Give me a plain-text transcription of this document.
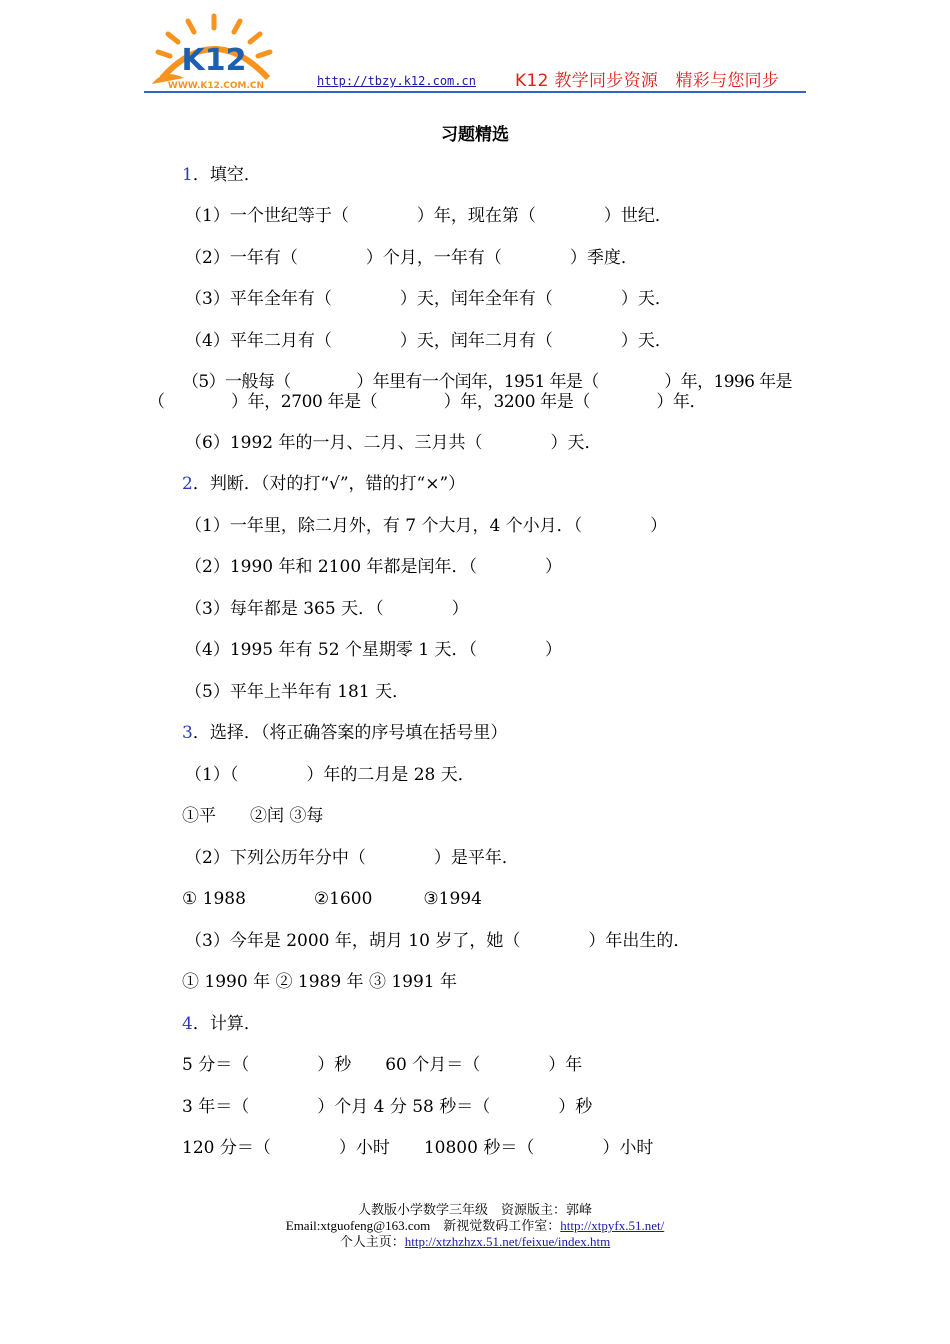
K12
WWW.K12.COM.CN	http://tbzy.k12.com.cn K12 教学同步资源　精彩与您同步
习题精选
1．填空．
（1）一个世纪等于（　　　　）年，现在第（　　　　）世纪．
（2）一年有（　　　　）个月，一年有（　　　　）季度．
（3）平年全年有（　　　　）天，闰年全年有（　　　　）天．
（4）平年二月有（　　　　）天，闰年二月有（　　　　）天．
（5）一般每（　　　　）年里有一个闰年，1951 年是（　　　　）年，1996 年是
（　　　　）年，2700 年是（　　　　）年，3200 年是（　　　　）年．
（6）1992 年的一月、二月、三月共（　　　　）天．
2．判断．（对的打“√”，错的打“×”）
（1）一年里，除二月外，有 7 个大月，4 个小月．（　　　　）
（2）1990 年和 2100 年都是闰年．（　　　　）
（3）每年都是 365 天．（　　　　）
（4）1995 年有 52 个星期零 1 天．（　　　　）
（5）平年上半年有 181 天．
3．选择．（将正确答案的序号填在括号里）
（1）（　　　　）年的二月是 28 天．
①平　　②闰 ③每
（2）下列公历年分中（　　　　）是平年．
① 1988　　　　②1600　　　③1994
（3）今年是 2000 年，胡月 10 岁了，她（　　　　）年出生的．
① 1990 年 ② 1989 年 ③ 1991 年
4．计算．
5 分＝（　　　　）秒　　60 个月＝（　　　　）年
3 年＝（　　　　）个月 4 分 58 秒＝（　　　　）秒
120 分＝（　　　　）小时　　10800 秒＝（　　　　）小时
人教版小学数学三年级　资源版主：郭峰
Email:xtguofeng@163.com　新视觉数码工作室：http://xtpyfx.51.net/
个人主页：http://xtzhzhzx.51.net/feixue/index.htm
